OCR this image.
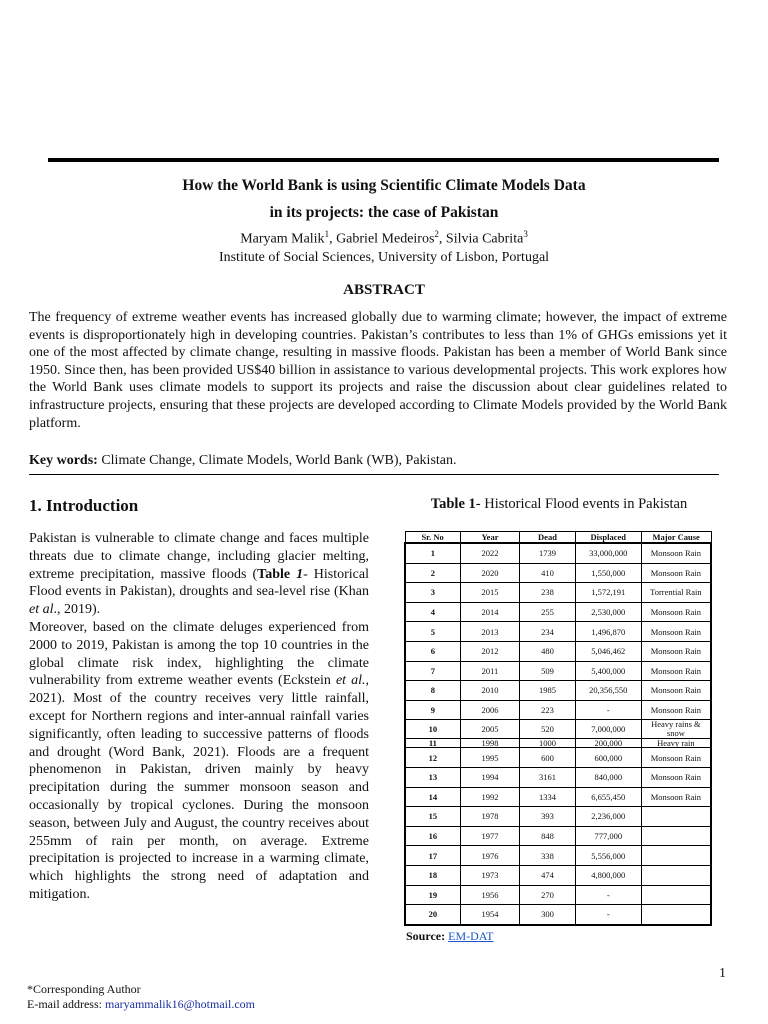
How the World Bank is using Scientific Climate Models Data
in its projects: the case of Pakistan
Maryam Malik$^1$, Gabriel Medeiros$^2$, Silvia Cabrita$^3$
Institute of Social Sciences, University of Lisbon, Portugal
ABSTRACT
The frequency of extreme weather events has increased globally due to warming climate; however, the impact of extreme events is disproportionately high in developing countries. Pakistan’s contributes to less than 1% of GHGs emissions yet it one of the most affected by climate change, resulting in massive floods. Pakistan has been a member of World Bank since 1950. Since then, has been provided US$40 billion in assistance to various developmental projects. This work explores how the World Bank uses climate models to support its projects and raise the discussion about clear guidelines related to infrastructure projects, ensuring that these projects are developed according to Climate Models provided by the World Bank platform.
Key words: Climate Change, Climate Models, World Bank (WB), Pakistan.
1. Introduction
Pakistan is vulnerable to climate change and faces multiple threats due to climate change, including glacier melting, extreme precipitation, massive floods (Table 1- Historical Flood events in Pakistan), droughts and sea-level rise (Khan et al., 2019).
Moreover, based on the climate deluges experienced from 2000 to 2019, Pakistan is among the top 10 countries in the global climate risk index, highlighting the climate vulnerability from extreme weather events (Eckstein et al., 2021). Most of the country receives very little rainfall, except for Northern regions and inter-annual rainfall varies significantly, often leading to successive patterns of floods and drought (Word Bank, 2021). Floods are a frequent phenomenon in Pakistan, driven mainly by heavy precipitation during the summer monsoon season and occasionally by tropical cyclones. During the monsoon season, between July and August, the country receives about 255mm of rain per month, on average. Extreme precipitation is projected to increase in a warming climate, which highlights the strong need of adaptation and mitigation.
Table 1- Historical Flood events in Pakistan
Sr. No	Year	Dead	Displaced	Major Cause
1	2022	1739	33,000,000	Monsoon Rain
2	2020	410	1,550,000	Monsoon Rain
3	2015	238	1,572,191	Torrential Rain
4	2014	255	2,530,000	Monsoon Rain
5	2013	234	1,496,870	Monsoon Rain
6	2012	480	5,046,462	Monsoon Rain
7	2011	509	5,400,000	Monsoon Rain
8	2010	1985	20,356,550	Monsoon Rain
9	2006	223	-	Monsoon Rain
10	2005	520	7,000,000	Heavy rains & snow
11	1998	1000	200,000	Heavy rain
12	1995	600	600,000	Monsoon Rain
13	1994	3161	840,000	Monsoon Rain
14	1992	1334	6,655,450	Monsoon Rain
15	1978	393	2,236,000	
16	1977	848	777,000	
17	1976	338	5,556,000	
18	1973	474	4,800,000	
19	1956	270	-	
20	1954	300	-	
Source: EM-DAT
1
*Corresponding Author
E-mail address: maryammalik16@hotmail.com
